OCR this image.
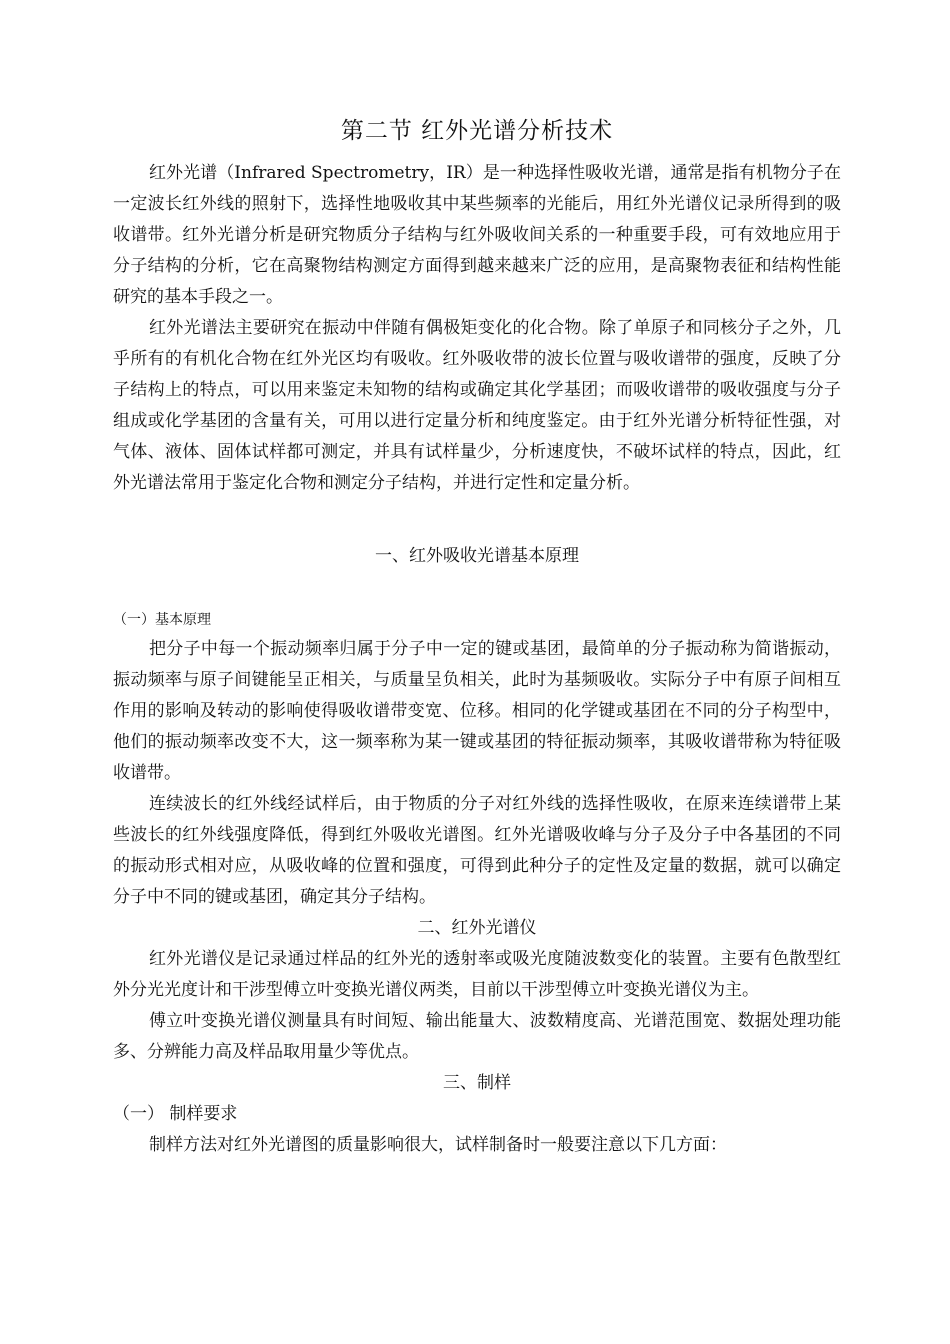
第二节 红外光谱分析技术

红外光谱（Infrared Spectrometry，IR）是一种选择性吸收光谱，通常是指有机物分子在一定波长红外线的照射下，选择性地吸收其中某些频率的光能后，用红外光谱仪记录所得到的吸收谱带。红外光谱分析是研究物质分子结构与红外吸收间关系的一种重要手段，可有效地应用于分子结构的分析，它在高聚物结构测定方面得到越来越来广泛的应用，是高聚物表征和结构性能研究的基本手段之一。

红外光谱法主要研究在振动中伴随有偶极矩变化的化合物。除了单原子和同核分子之外，几乎所有的有机化合物在红外光区均有吸收。红外吸收带的波长位置与吸收谱带的强度，反映了分子结构上的特点，可以用来鉴定未知物的结构或确定其化学基团；而吸收谱带的吸收强度与分子组成或化学基团的含量有关，可用以进行定量分析和纯度鉴定。由于红外光谱分析特征性强，对气体、液体、固体试样都可测定，并具有试样量少，分析速度快，不破坏试样的特点，因此，红外光谱法常用于鉴定化合物和测定分子结构，并进行定性和定量分析。

一、红外吸收光谱基本原理

（一）基本原理

把分子中每一个振动频率归属于分子中一定的键或基团，最简单的分子振动称为简谐振动，振动频率与原子间键能呈正相关，与质量呈负相关，此时为基频吸收。实际分子中有原子间相互作用的影响及转动的影响使得吸收谱带变宽、位移。相同的化学键或基团在不同的分子构型中，他们的振动频率改变不大，这一频率称为某一键或基团的特征振动频率，其吸收谱带称为特征吸收谱带。

连续波长的红外线经试样后，由于物质的分子对红外线的选择性吸收，在原来连续谱带上某些波长的红外线强度降低，得到红外吸收光谱图。红外光谱吸收峰与分子及分子中各基团的不同的振动形式相对应，从吸收峰的位置和强度，可得到此种分子的定性及定量的数据，就可以确定分子中不同的键或基团，确定其分子结构。

二、红外光谱仪

红外光谱仪是记录通过样品的红外光的透射率或吸光度随波数变化的装置。主要有色散型红外分光光度计和干涉型傅立叶变换光谱仪两类，目前以干涉型傅立叶变换光谱仪为主。

傅立叶变换光谱仪测量具有时间短、输出能量大、波数精度高、光谱范围宽、数据处理功能多、分辨能力高及样品取用量少等优点。

三、制样

（一） 制样要求

制样方法对红外光谱图的质量影响很大，试样制备时一般要注意以下几方面：
